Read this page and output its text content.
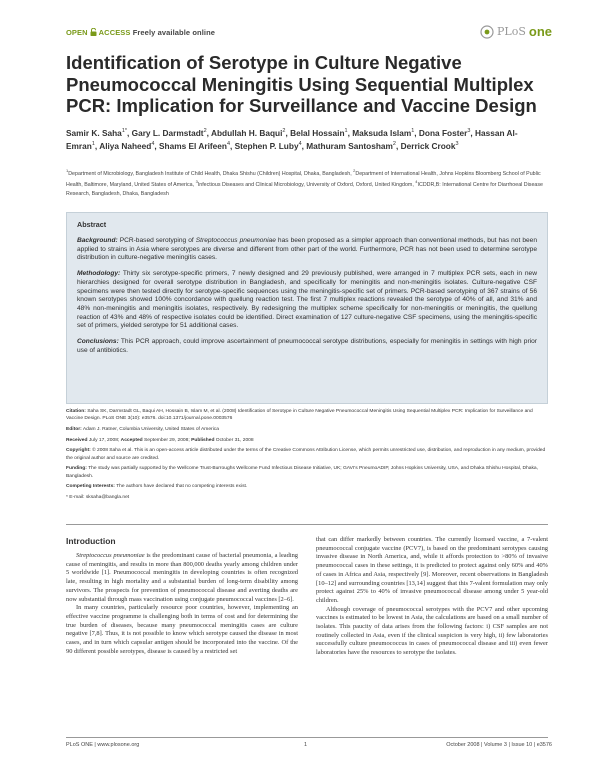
OPEN ACCESS Freely available online	PLoS one
Identification of Serotype in Culture Negative Pneumococcal Meningitis Using Sequential Multiplex PCR: Implication for Surveillance and Vaccine Design
Samir K. Saha$^{1*}$, Gary L. Darmstadt$^2$, Abdullah H. Baqui$^2$, Belal Hossain$^1$, Maksuda Islam$^1$, Dona Foster$^3$, Hassan Al-Emran$^1$, Aliya Naheed$^4$, Shams El Arifeen$^4$, Stephen P. Luby$^4$, Mathuram Santosham$^2$, Derrick Crook$^3$
$^1$Department of Microbiology, Bangladesh Institute of Child Health, Dhaka Shishu (Children) Hospital, Dhaka, Bangladesh, $^2$Department of International Health, Johns Hopkins Bloomberg School of Public Health, Baltimore, Maryland, United States of America, $^3$Infectious Diseases and Clinical Microbiology, University of Oxford, Oxford, United Kingdom, $^4$ICDDR,B: International Centre for Diarrhoeal Disease Research, Bangladesh, Dhaka, Bangladesh
Abstract

Background: PCR-based serotyping of Streptococcus pneumoniae has been proposed as a simpler approach than conventional methods, but has not been applied to strains in Asia where serotypes are diverse and different from other part of the world. Furthermore, PCR has not been used to determine serotype distribution in culture-negative meningitis cases.

Methodology: Thirty six serotype-specific primers, 7 newly designed and 29 previously published, were arranged in 7 multiplex PCR sets, each in new hierarchies designed for overall serotype distribution in Bangladesh, and specifically for meningitis and non-meningitis isolates. Culture-negative CSF specimens were then tested directly for serotype-specific sequences using the meningitis-specific set of primers. PCR-based serotyping of 367 strains of 56 known serotypes showed 100% concordance with quellung reaction test. The first 7 multiplex reactions revealed the serotype of 40% of all, and 31% and 48% non-meningitis and meningitis isolates, respectively. By redesigning the multiplex scheme specifically for non-meningitis or meningitis, the quellung reaction of 43% and 48% of respective isolates could be identified. Direct examination of 127 culture-negative CSF specimens, using the meningitis-specific set of primers, yielded serotype for 51 additional cases.

Conclusions: This PCR approach, could improve ascertainment of pneumococcal serotype distributions, especially for meningitis in settings with high prior use of antibiotics.

Citation: Saha SK, Darmstadt GL, Baqui AH, Hossain B, Islam M, et al. (2008) Identification of Serotype in Culture Negative Pneumococcal Meningitis Using Sequential Multiplex PCR: Implication for Surveillance and Vaccine Design. PLoS ONE 3(10): e3576. doi:10.1371/journal.pone.0003576

Editor: Adam J. Ratner, Columbia University, United States of America

Received July 17, 2008; Accepted September 29, 2008; Published October 31, 2008

Copyright: © 2008 Saha et al. This is an open-access article distributed under the terms of the Creative Commons Attribution License, which permits unrestricted use, distribution, and reproduction in any medium, provided the original author and source are credited.

Funding: The study was partially supported by the Wellcome Trust-Burroughs Wellcome Fund Infectious Disease Initiative, UK; GAVI's PneumoADIP, Johns Hopkins University, USA, and Dhaka Shishu Hospital, Dhaka, Bangladesh.

Competing Interests: The authors have declared that no competing interests exist.

* E-mail: sksaha@bangla.net

Introduction

Streptococcus pneumoniae is the predominant cause of bacterial pneumonia, a leading cause of meningitis, and results in more than 800,000 deaths yearly among children under 5 worldwide [1]. Pneumococcal meningitis in developing countries is often recognized late, resulting in high mortality and a substantial burden of long-term disability among survivors. The prospects for prevention of pneumococcal disease and averting deaths are now substantial through mass vaccination using conjugate pneumococcal vaccines [2–6].

In many countries, particularly resource poor countries, however, implementing an effective vaccine programme is challenging both in terms of cost and for determining the true burden of diseases, because many pneumococcal meningitis cases are culture negative [7,8]. Thus, it is not possible to know which serotype caused the disease in most cases, and in turn which capsular antigen should be incorporated into the vaccine. Of the 90 different possible serotypes, disease is caused by a restricted set

that can differ markedly between countries. The currently licensed vaccine, a 7-valent pneumococcal conjugate vaccine (PCV7), is based on the predominant serotypes causing invasive disease in North America, and, while it affords protection to >80% of invasive pneumococcal cases in these settings, it is predicted to protect against only 60% and 40% of cases in Africa and Asia, respectively [9]. Moreover, recent observations in Bangladesh [10–12] and surrounding countries [13,14] suggest that this 7-valent formulation may only protect against 25% to 40% of invasive pneumococcal disease among under 5 year-old children.

Although coverage of pneumococcal serotypes with the PCV7 and other upcoming vaccines is estimated to be lowest in Asia, the calculations are based on a small number of isolates. This paucity of data arises from the following factors: i) CSF samples are not routinely collected in Asia, even if the clinical suspicion is very high, ii) few laboratories successfully culture pneumococcus in cases of pneumococcal disease and iii) even fewer laboratories have the resources to serotype the isolates.

PLoS ONE | www.plosone.org	1	October 2008 | Volume 3 | Issue 10 | e3576
